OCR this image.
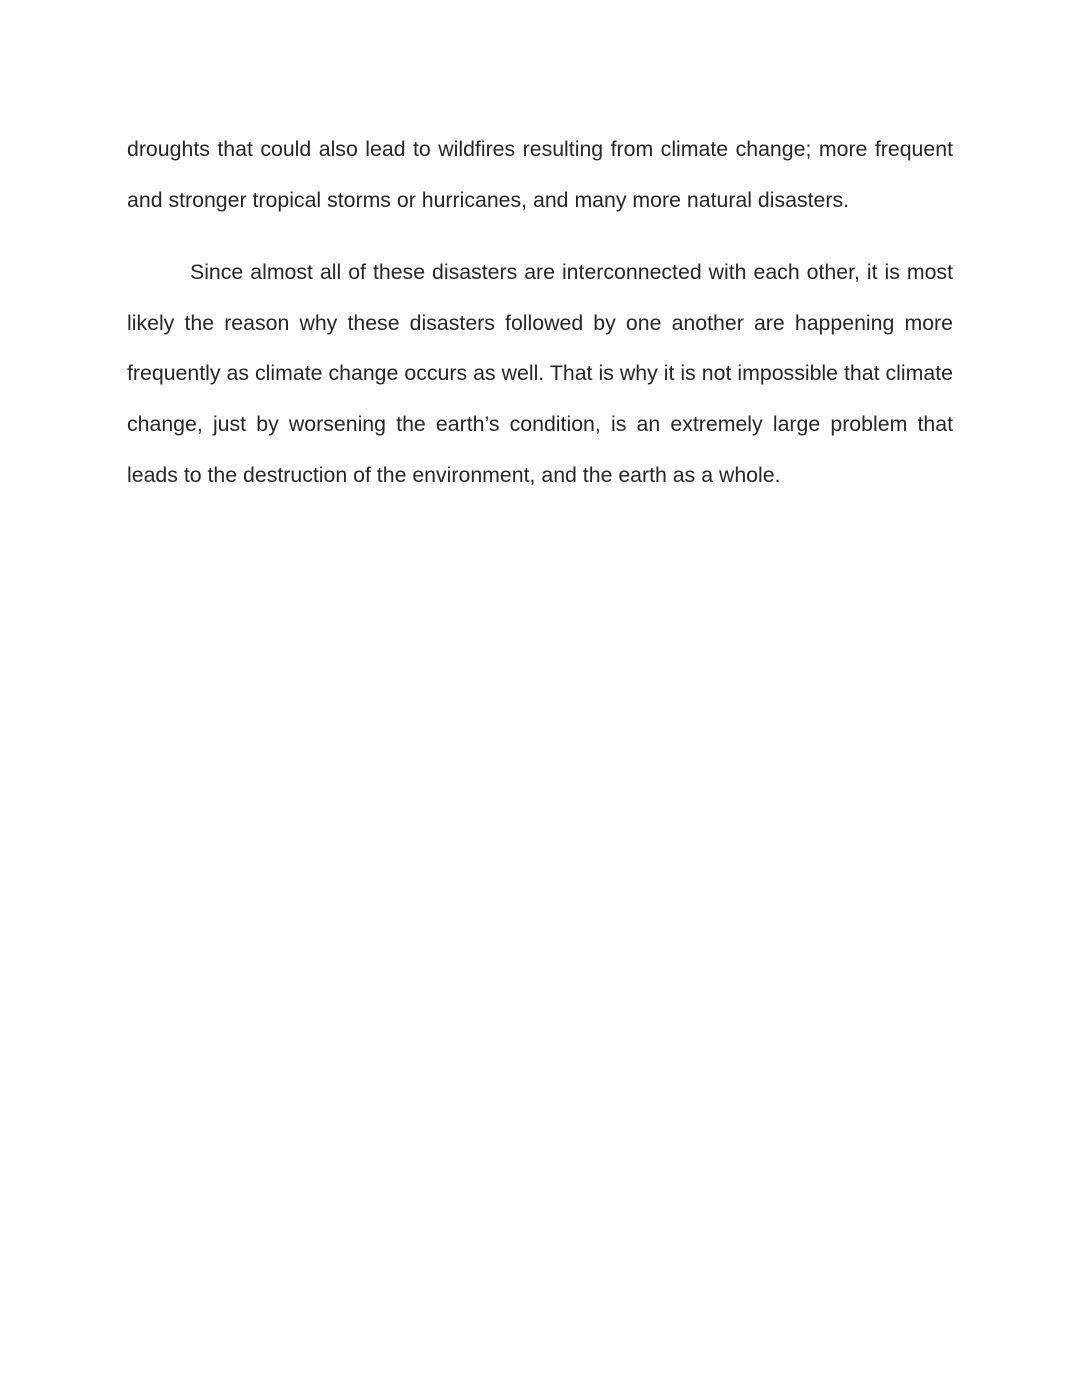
droughts that could also lead to wildfires resulting from climate change; more frequent and stronger tropical storms or hurricanes, and many more natural disasters.

Since almost all of these disasters are interconnected with each other, it is most likely the reason why these disasters followed by one another are happening more frequently as climate change occurs as well. That is why it is not impossible that climate change, just by worsening the earth’s condition, is an extremely large problem that leads to the destruction of the environment, and the earth as a whole.
